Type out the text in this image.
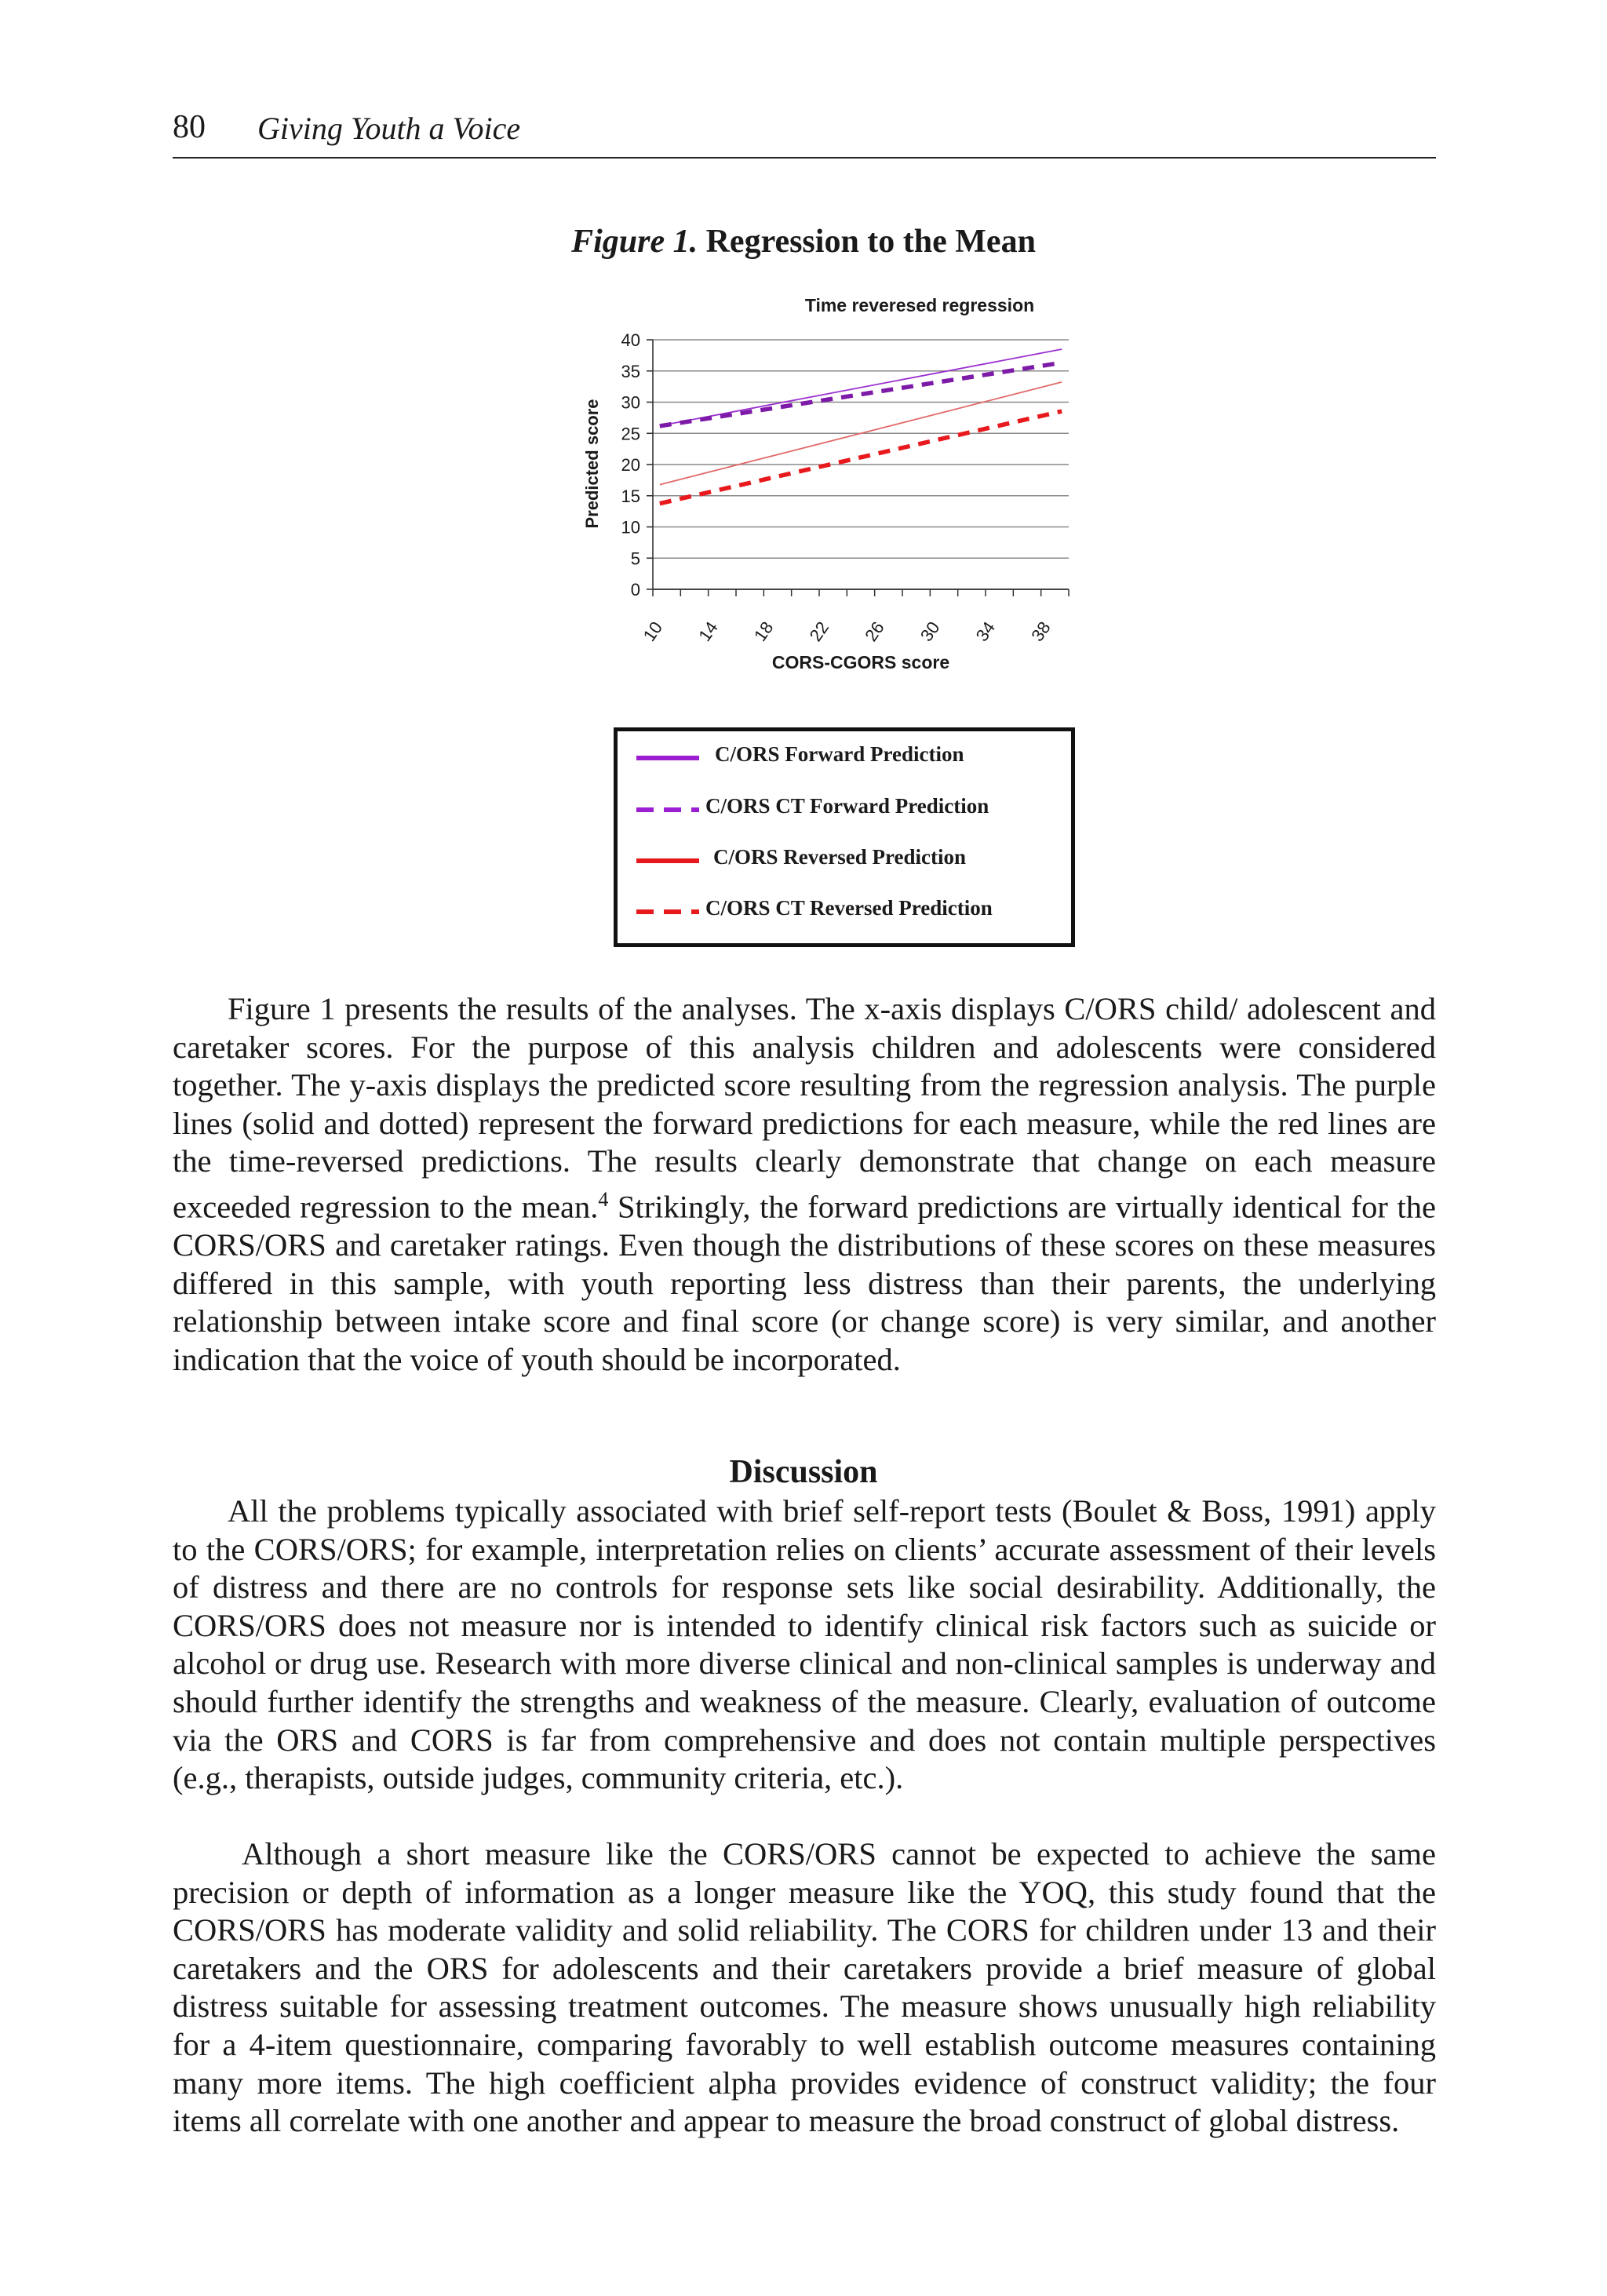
80 Giving Youth a Voice
Figure 1. Regression to the Mean
Time reveresed regression
0
5
10
15
20
25
30
35
40
10 14 18 22 26 30 34 38
Predicted score
CORS-CGORS score
C/ORS Forward Prediction
C/ORS CT Forward Prediction
C/ORS Reversed Prediction
C/ORS CT Reversed Prediction

Figure 1 presents the results of the analyses. The x-axis displays C/ORS child/ adolescent and caretaker scores. For the purpose of this analysis children and adolescents were considered together. The y-axis displays the predicted score resulting from the regression analysis. The purple lines (solid and dotted) represent the forward predictions for each measure, while the red lines are the time-reversed predictions. The results clearly demonstrate that change on each measure exceeded regression to the mean.$^4$ Strikingly, the forward predictions are virtually identical for the CORS/ORS and caretaker ratings. Even though the distributions of these scores on these measures differed in this sample, with youth reporting less distress than their parents, the underlying relationship between intake score and final score (or change score) is very similar, and another indication that the voice of youth should be incorporated.

Discussion

All the problems typically associated with brief self-report tests (Boulet & Boss, 1991) apply to the CORS/ORS; for example, interpretation relies on clients’ accurate assessment of their levels of distress and there are no controls for response sets like social desirability. Additionally, the CORS/ORS does not measure nor is intended to identify clinical risk factors such as suicide or alcohol or drug use. Research with more diverse clinical and non-clinical samples is underway and should further identify the strengths and weakness of the measure. Clearly, evaluation of outcome via the ORS and CORS is far from comprehensive and does not contain multiple perspectives (e.g., therapists, outside judges, community criteria, etc.).

Although a short measure like the CORS/ORS cannot be expected to achieve the same precision or depth of information as a longer measure like the YOQ, this study found that the CORS/ORS has moderate validity and solid reliability. The CORS for children under 13 and their caretakers and the ORS for adolescents and their caretakers provide a brief measure of global distress suitable for assessing treatment outcomes. The measure shows unusually high reliability for a 4-item questionnaire, comparing favorably to well establish outcome measures containing many more items. The high coefficient alpha provides evidence of construct validity; the four items all correlate with one another and appear to measure the broad construct of global distress.
